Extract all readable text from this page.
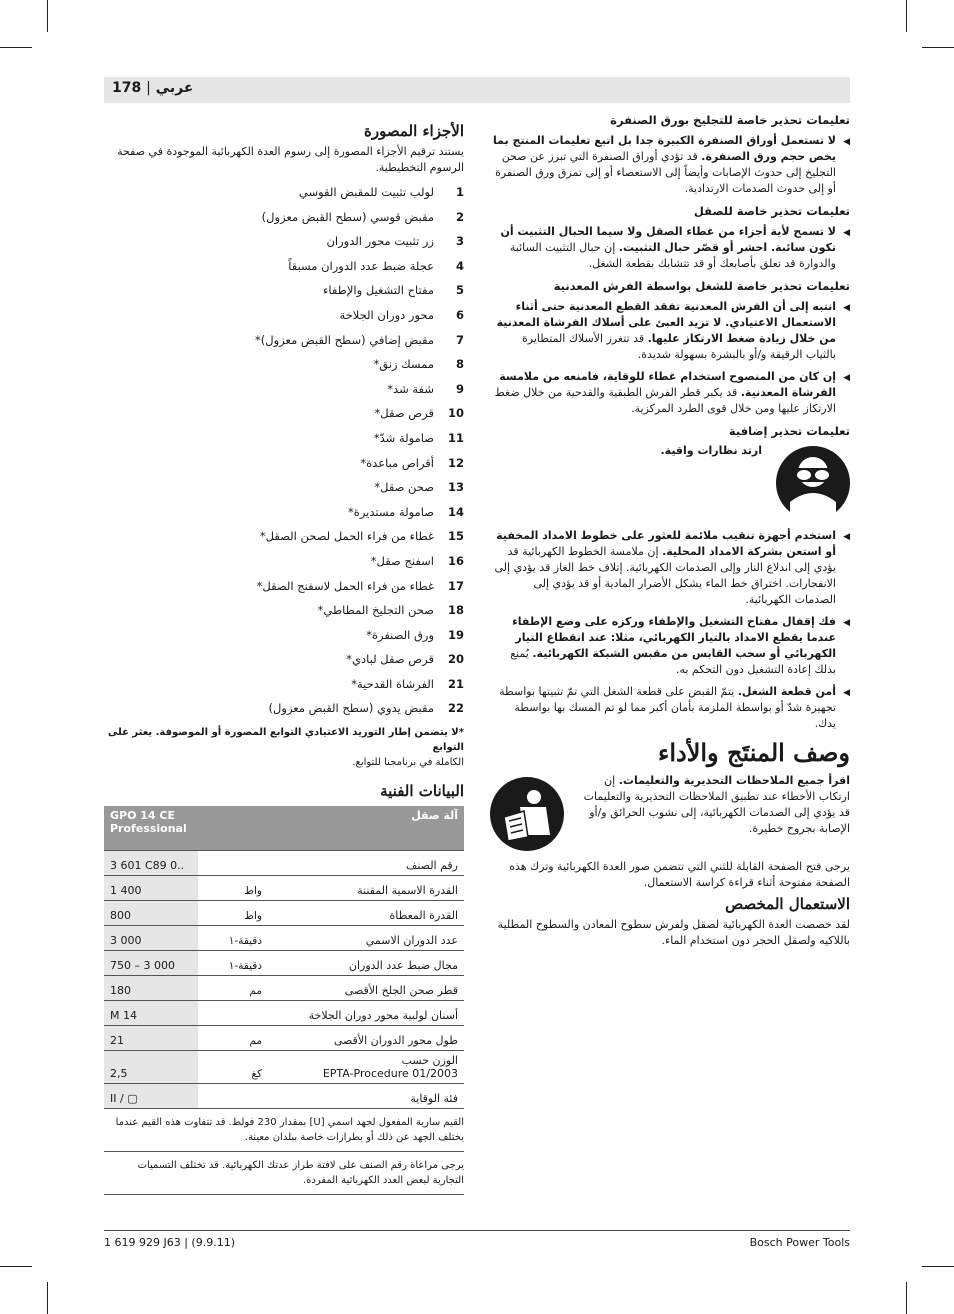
178 | عربي
تعليمات تحذير خاصة للتجليخ بورق الصنفرة
◀
لا تستعمل أوراق الصنفرة الكبيرة جدا بل اتبع تعليمات المنتج بما يخص حجم ورق الصنفرة. قد تؤدي أوراق الصنفرة التي تبرز عن صحن التجليخ إلى حدوث الإصابات وأيضاً إلى الاستعصاء أو إلى تمزق ورق الصنفرة أو إلى حدوث الصدمات الارتدادية.
تعليمات تحذير خاصة للصقل
◀
لا تسمح لأية أجزاء من غطاء الصقل ولا سيما الحبال التثبيت أن تكون سائبة. احشر أو قصّر حبال التثبيت. إن حبال التثبيت السائبة والدوارة قد تعلق بأصابعك أو قد تتشابك بقطعة الشغل.
تعليمات تحذير خاصة للشغل بواسطة الفرش المعدنية
◀
انتبه إلى أن الفرش المعدنية تفقد القطع المعدنية حتى أثناء الاستعمال الاعتيادي. لا تزيد العبئ على أسلاك الفرشاة المعدنية من خلال زيادة ضغط الارتكاز عليها. قد تتغرز الأسلاك المتطايرة بالثياب الرقيقة و/أو بالبشرة بسهولة شديدة.
◀
إن كان من المنصوح استخدام غطاء للوقاية، فامنعه من ملامسة الفرشاة المعدنية. قد يكبر قطر الفرش الطبقية والقدحية من خلال ضغط الارتكاز عليها ومن خلال قوى الطرد المركزية.
تعليمات تحذير إضافية
ارتد نظارات واقية.
◀
استخدم أجهزة تنقيب ملائمة للعثور على خطوط الامداد المخفية أو استعن بشركة الامداد المحلية. إن ملامسة الخطوط الكهربائية قد يؤدي إلى اندلاع النار وإلى الصدمات الكهربائية. إتلاف خط الغاز قد يؤدي إلى الانفجارات. اختراق خط الماء يشكل الأضرار المادية أو قد يؤدي إلى الصدمات الكهربائية.
◀
فك إقفال مفتاح التشغيل والإطفاء وركزه على وضع الإطفاء عندما يقطع الامداد بالتيار الكهربائي، مثلا: عند انقطاع التيار الكهربائي أو سحب القابس من مقبس الشبكة الكهربائية. يُمنع بذلك إعادة التشغيل دون التحكم به.
◀
أمن قطعة الشغل. يتمّ القبض على قطعة الشغل التي تمّ تثبيتها بواسطة تجهيزة شدّ أو بواسطة الملزمة بأمان أكبر مما لو تم المسك بها بواسطة يدك.
وصف المنتَج والأداء
اقرأ جميع الملاحظات التحذيرية والتعليمات. إن ارتكاب الأخطاء عند تطبيق الملاحظات التحذيرية والتعليمات قد يؤدي إلى الصدمات الكهربائية، إلى نشوب الحرائق و/أو الإصابة بجروح خطيرة.
يرجى فتح الصفحة القابلة للثني التي تتضمن صور العدة الكهربائية وترك هذه الصفحة مفتوحة أثناء قراءة كراسة الاستعمال.
الاستعمال المخصص
لقد خصصت العدة الكهربائية لصقل ولفرش سطوح المعادن والسطوح المطلية باللاكيه ولصقل الحجر دون استخدام الماء.
الأجزاء المصورة
يستند ترقيم الأجزاء المصورة إلى رسوم العدة الكهربائية الموجودة في صفحة الرسوم التخطيطية.
1
لولب تثبيت للمقبض القوسي
2
مقبض قوسي (سطح القبض معزول)
3
زر تثبيت محور الدوران
4
عجلة ضبط عدد الدوران مسبقاً
5
مفتاح التشغيل والإطفاء
6
محور دوران الجلاخة
7
مقبض إضافي (سطح القبض معزول)*
8
ممسك زنق*
9
شفة شد*
10
قرص صقل*
11
صامولة شدّ*
12
أقراص مباعدة*
13
صحن صقل*
14
صامولة مستديرة*
15
غطاء من فراء الحمل لصحن الصقل*
16
اسفنج صقل*
17
غطاء من فراء الحمل لاسفنج الصقل*
18
صحن التجليخ المطاطي*
19
ورق الصنفرة*
20
قرص صقل لبادي*
21
الفرشاة القدحية*
22
مقبض يدوي (سطح القبض معزول)
*لا يتضمن إطار التوريد الاعتيادي التوابع المصورة أو الموصوفة. يعثر على التوابع
الكاملة في برنامجنا للتوابع.
البيانات الفنية
آلة صقل		GPO 14 CE
Professional
رقم الصنف		3 601 C89 0..
القدرة الاسمية المقننة	واط	1 400
القدرة المعطاة	واط	800
عدد الدوران الاسمي	دقيقة-١	3 000
مجال ضبط عدد الدوران	دقيقة-١	750 – 3 000
قطر صحن الجلخ الأقصى	مم	180
أسنان لولبية محور دوران الجلاخة		M 14
طول محور الدوران الأقصى	مم	21
الوزن حسب
EPTA-Procedure 01/2003	كغ	2,5
فئة الوقاية		II / ▢
القيم سارية المفعول لجهد اسمي [U] بمقدار 230 فولط. قد تتفاوت هذه القيم عندما يختلف الجهد عن ذلك أو بطرازات خاصة ببلدان معينة.
يرجى مراعاة رقم الصنف على لافتة طراز عدتك الكهربائية. قد تختلف التسميات التجارية لبعض العدد الكهربائية المفردة.
1 619 929 J63 | (9.9.11)	Bosch Power Tools
